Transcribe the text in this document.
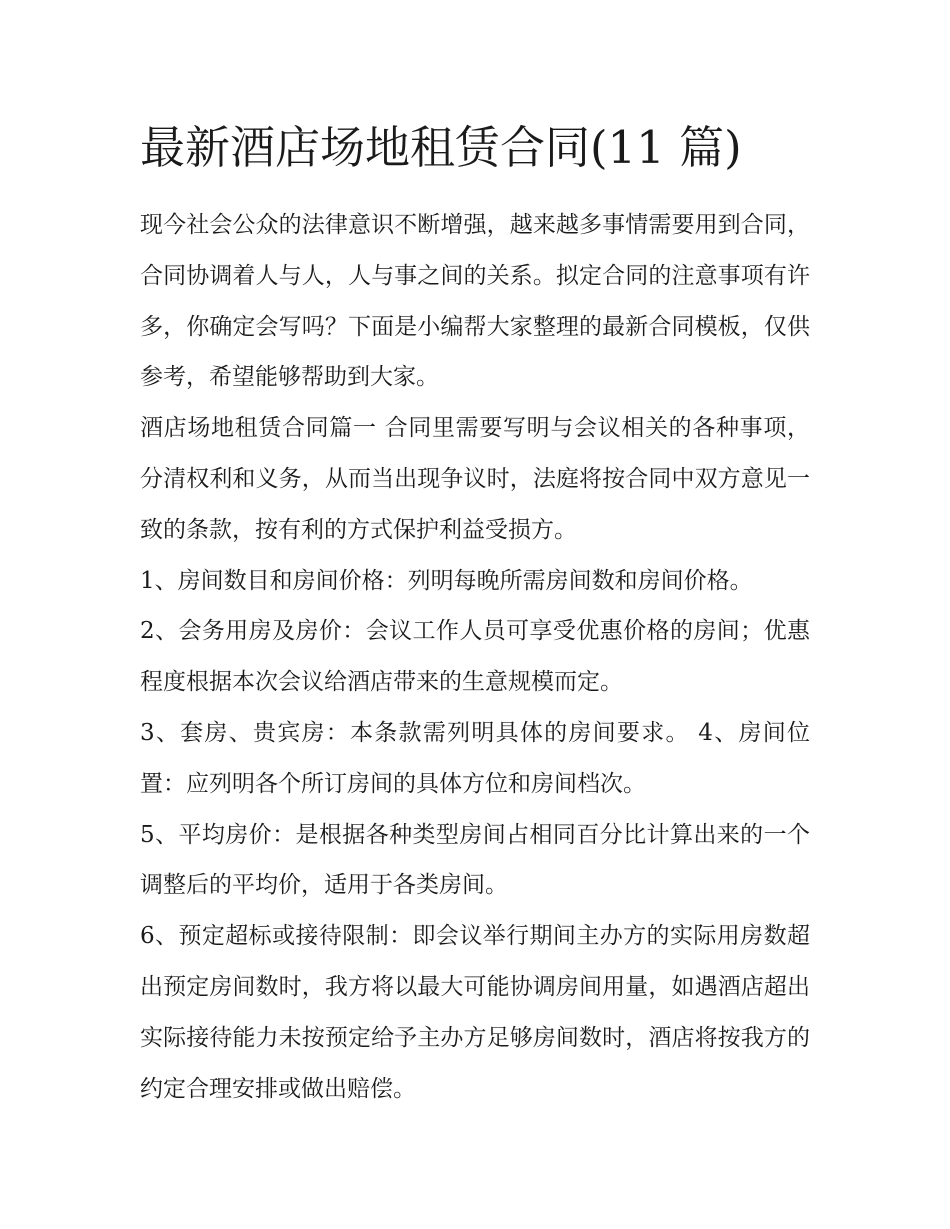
最新酒店场地租赁合同(11 篇)

现今社会公众的法律意识不断增强，越来越多事情需要用到合同，合同协调着人与人，人与事之间的关系。拟定合同的注意事项有许多，你确定会写吗？下面是小编帮大家整理的最新合同模板，仅供参考，希望能够帮助到大家。

酒店场地租赁合同篇一 合同里需要写明与会议相关的各种事项，分清权利和义务，从而当出现争议时，法庭将按合同中双方意见一致的条款，按有利的方式保护利益受损方。

1、房间数目和房间价格：列明每晚所需房间数和房间价格。

2、会务用房及房价：会议工作人员可享受优惠价格的房间；优惠程度根据本次会议给酒店带来的生意规模而定。

3、套房、贵宾房：本条款需列明具体的房间要求。 4、房间位置：应列明各个所订房间的具体方位和房间档次。

5、平均房价：是根据各种类型房间占相同百分比计算出来的一个调整后的平均价，适用于各类房间。

6、预定超标或接待限制：即会议举行期间主办方的实际用房数超出预定房间数时，我方将以最大可能协调房间用量，如遇酒店超出实际接待能力未按预定给予主办方足够房间数时，酒店将按我方的约定合理安排或做出赔偿。
